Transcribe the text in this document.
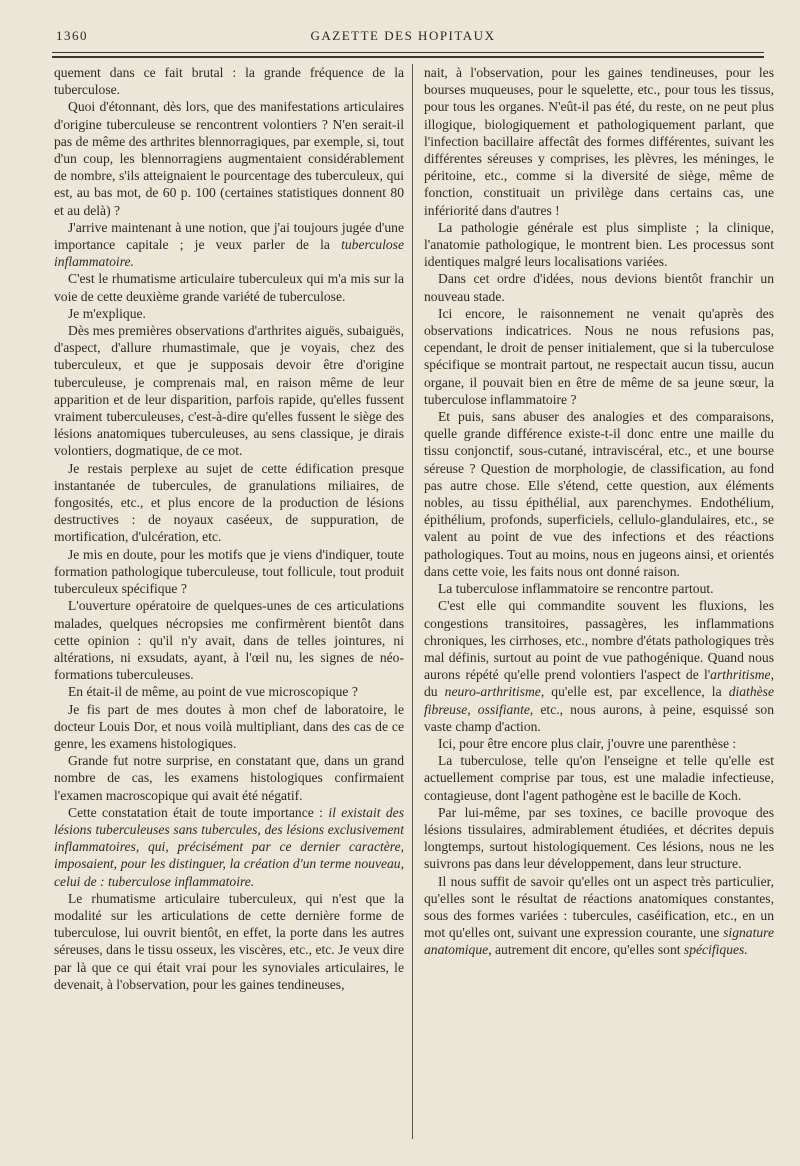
1360	GAZETTE DES HOPITAUX

quement dans ce fait brutal : la grande fréquence de la tuberculose.

Quoi d'étonnant, dès lors, que des manifestations articulaires d'origine tuberculeuse se rencontrent volontiers ? N'en serait-il pas de même des arthrites blennorragiques, par exemple, si, tout d'un coup, les blennorragiens augmentaient considérablement de nombre, s'ils atteignaient le pourcentage des tuberculeux, qui est, au bas mot, de 60 p. 100 (certaines statistiques donnent 80 et au delà) ?

J'arrive maintenant à une notion, que j'ai toujours jugée d'une importance capitale ; je veux parler de la tuberculose inflammatoire.

C'est le rhumatisme articulaire tuberculeux qui m'a mis sur la voie de cette deuxième grande variété de tuberculose.

Je m'explique.

Dès mes premières observations d'arthrites aiguës, subaiguës, d'aspect, d'allure rhumastimale, que je voyais, chez des tuberculeux, et que je supposais devoir être d'origine tuberculeuse, je comprenais mal, en raison même de leur apparition et de leur disparition, parfois rapide, qu'elles fussent vraiment tuberculeuses, c'est-à-dire qu'elles fussent le siège des lésions anatomiques tuberculeuses, au sens classique, je dirais volontiers, dogmatique, de ce mot.

Je restais perplexe au sujet de cette édification presque instantanée de tubercules, de granulations miliaires, de fongosités, etc., et plus encore de la production de lésions destructives : de noyaux caséeux, de suppuration, de mortification, d'ulcération, etc.

Je mis en doute, pour les motifs que je viens d'indiquer, toute formation pathologique tuberculeuse, tout follicule, tout produit tuberculeux spécifique ?

L'ouverture opératoire de quelques-unes de ces articulations malades, quelques nécropsies me confirmèrent bientôt dans cette opinion : qu'il n'y avait, dans de telles jointures, ni altérations, ni exsudats, ayant, à l'œil nu, les signes de néo-formations tuberculeuses.

En était-il de même, au point de vue microscopique ?

Je fis part de mes doutes à mon chef de laboratoire, le docteur Louis Dor, et nous voilà multipliant, dans des cas de ce genre, les examens histologiques.

Grande fut notre surprise, en constatant que, dans un grand nombre de cas, les examens histologiques confirmaient l'examen macroscopique qui avait été négatif.

Cette constatation était de toute importance : il existait des lésions tuberculeuses sans tubercules, des lésions exclusivement inflammatoires, qui, précisément par ce dernier caractère, imposaient, pour les distinguer, la création d'un terme nouveau, celui de : tuberculose inflammatoire.

Le rhumatisme articulaire tuberculeux, qui n'est que la modalité sur les articulations de cette dernière forme de tuberculose, lui ouvrit bientôt, en effet, la porte dans les autres séreuses, dans le tissu osseux, les viscères, etc., etc. Je veux dire par là que ce qui était vrai pour les synoviales articulaires, le devenait, à l'observation, pour les gaines tendineuses,

nait, à l'observation, pour les gaines tendineuses, pour les bourses muqueuses, pour le squelette, etc., pour tous les tissus, pour tous les organes. N'eût-il pas été, du reste, on ne peut plus illogique, biologiquement et pathologiquement parlant, que l'infection bacillaire affectât des formes différentes, suivant les différentes séreuses y comprises, les plèvres, les méninges, le péritoine, etc., comme si la diversité de siège, même de fonction, constituait un privilège dans certains cas, une infériorité dans d'autres !

La pathologie générale est plus simpliste ; la clinique, l'anatomie pathologique, le montrent bien. Les processus sont identiques malgré leurs localisations variées.

Dans cet ordre d'idées, nous devions bientôt franchir un nouveau stade.

Ici encore, le raisonnement ne venait qu'après des observations indicatrices. Nous ne nous refusions pas, cependant, le droit de penser initialement, que si la tuberculose spécifique se montrait partout, ne respectait aucun tissu, aucun organe, il pouvait bien en être de même de sa jeune sœur, la tuberculose inflammatoire ?

Et puis, sans abuser des analogies et des comparaisons, quelle grande différence existe-t-il donc entre une maille du tissu conjonctif, sous-cutané, intraviscéral, etc., et une bourse séreuse ? Question de morphologie, de classification, au fond pas autre chose. Elle s'étend, cette question, aux éléments nobles, au tissu épithélial, aux parenchymes. Endothélium, épithélium, profonds, superficiels, cellulo-glandulaires, etc., se valent au point de vue des infections et des réactions pathologiques. Tout au moins, nous en jugeons ainsi, et orientés dans cette voie, les faits nous ont donné raison.

La tuberculose inflammatoire se rencontre partout.

C'est elle qui commandite souvent les fluxions, les congestions transitoires, passagères, les inflammations chroniques, les cirrhoses, etc., nombre d'états pathologiques très mal définis, surtout au point de vue pathogénique. Quand nous aurons répété qu'elle prend volontiers l'aspect de l'arthritisme, du neuro-arthritisme, qu'elle est, par excellence, la diathèse fibreuse, ossifiante, etc., nous aurons, à peine, esquissé son vaste champ d'action.

Ici, pour être encore plus clair, j'ouvre une parenthèse :

La tuberculose, telle qu'on l'enseigne et telle qu'elle est actuellement comprise par tous, est une maladie infectieuse, contagieuse, dont l'agent pathogène est le bacille de Koch.

Par lui-même, par ses toxines, ce bacille provoque des lésions tissulaires, admirablement étudiées, et décrites depuis longtemps, surtout histologiquement. Ces lésions, nous ne les suivrons pas dans leur développement, dans leur structure.

Il nous suffit de savoir qu'elles ont un aspect très particulier, qu'elles sont le résultat de réactions anatomiques constantes, sous des formes variées : tubercules, caséification, etc., en un mot qu'elles ont, suivant une expression courante, une signature anatomique, autrement dit encore, qu'elles sont spécifiques.
